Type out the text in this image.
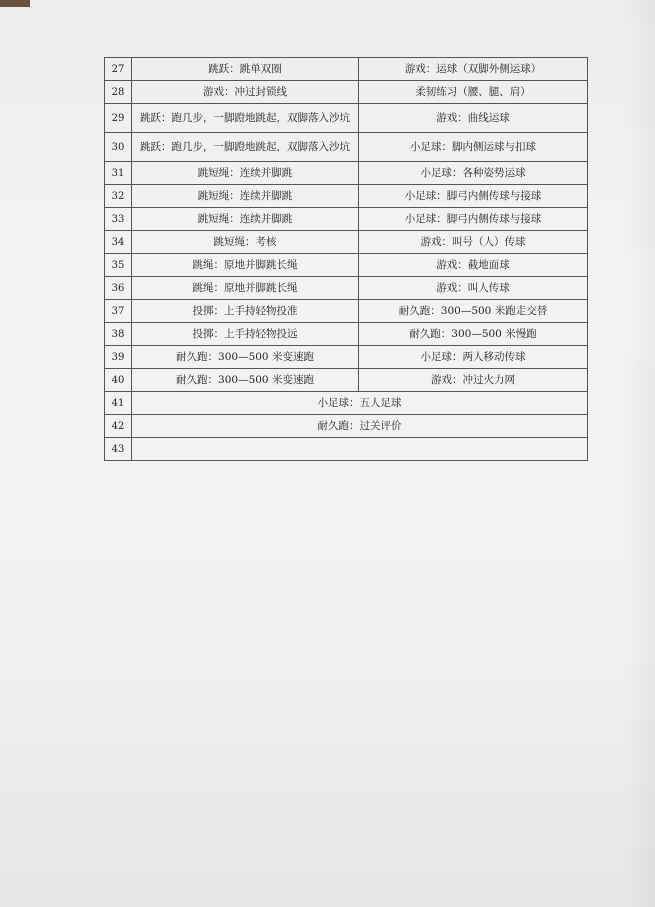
27	跳跃：跳单双圈	游戏：运球（双脚外侧运球）
28	游戏：冲过封锁线	柔韧练习（腰、腿、肩）
29	跳跃：跑几步，一脚蹬地跳起，双脚落入沙坑	游戏：曲线运球
30	跳跃：跑几步，一脚蹬地跳起，双脚落入沙坑	小足球：脚内侧运球与扣球
31	跳短绳：连续并脚跳	小足球：各种姿势运球
32	跳短绳：连续并脚跳	小足球：脚弓内侧传球与接球
33	跳短绳：连续并脚跳	小足球：脚弓内侧传球与接球
34	跳短绳：考核	游戏：叫号（人）传球
35	跳绳：原地并脚跳长绳	游戏：截地面球
36	跳绳：原地并脚跳长绳	游戏：叫人传球
37	投掷：上手持轻物投准	耐久跑：300—500 米跑走交替
38	投掷：上手持轻物投远	耐久跑：300—500 米慢跑
39	耐久跑：300—500 米变速跑	小足球：两人移动传球
40	耐久跑：300—500 米变速跑	游戏：冲过火力网
41	小足球：五人足球	
42	耐久跑：过关评价	
43		
